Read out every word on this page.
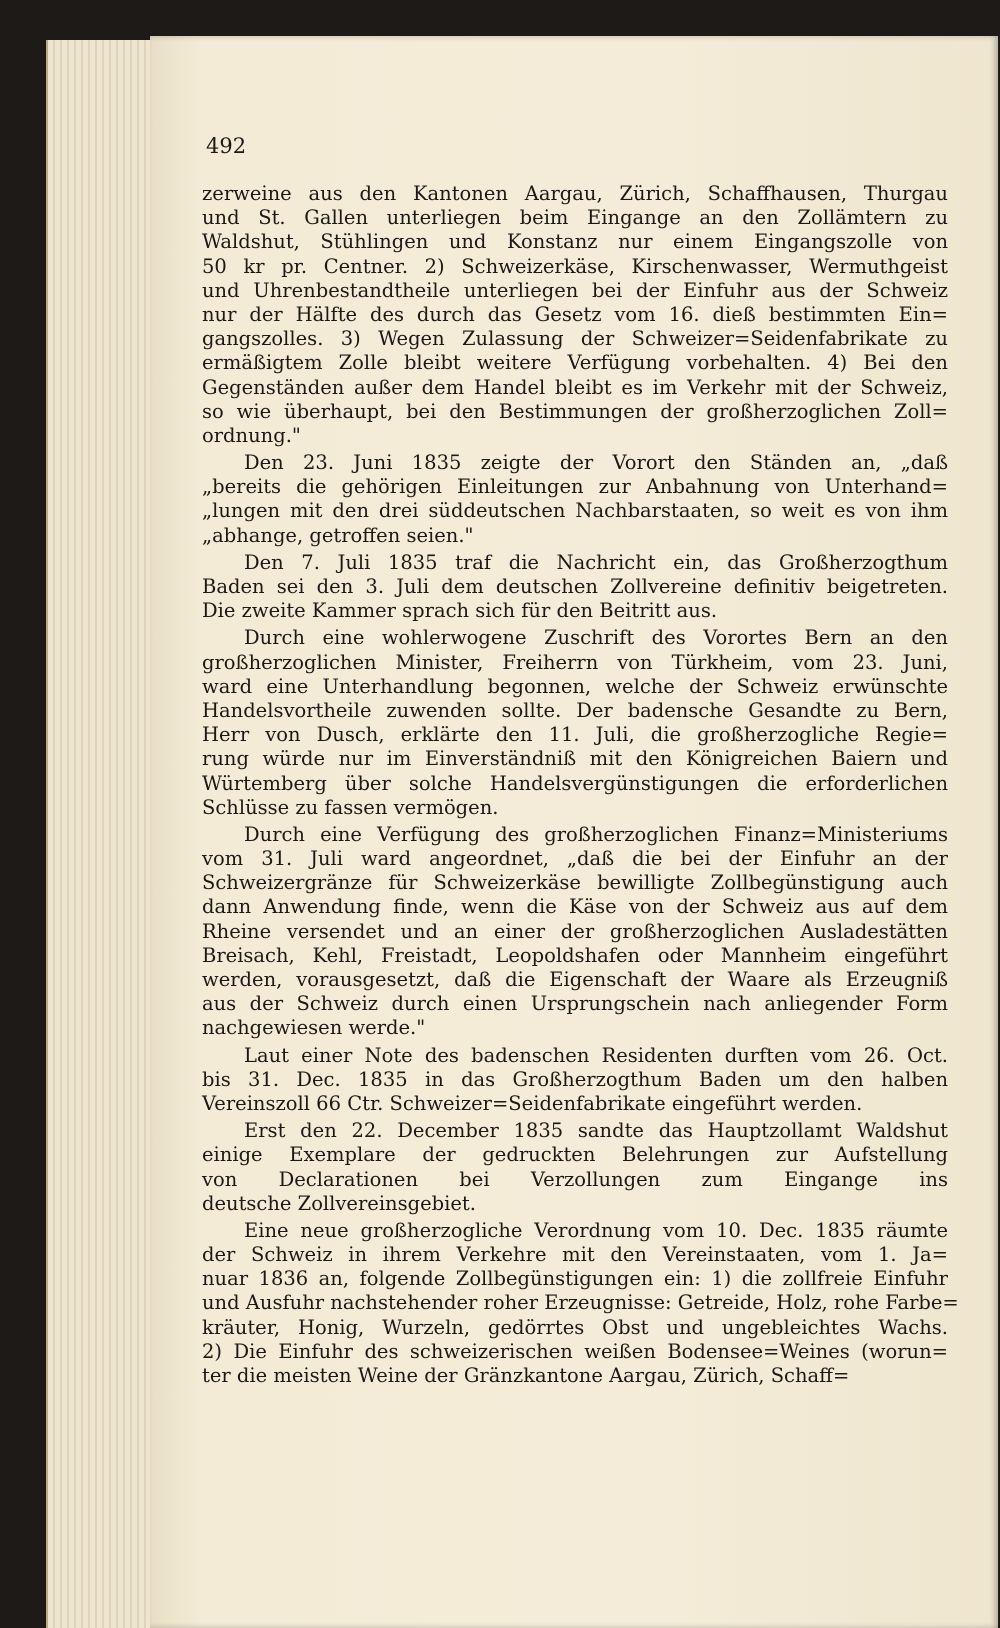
492
zerweine aus den Kantonen Aargau, Zürich, Schaffhausen, Thurgau
und St. Gallen unterliegen beim Eingange an den Zollämtern zu
Waldshut, Stühlingen und Konstanz nur einem Eingangszolle von
50 kr pr. Centner. 2) Schweizerkäse, Kirschenwasser, Wermuthgeist
und Uhrenbestandtheile unterliegen bei der Einfuhr aus der Schweiz
nur der Hälfte des durch das Gesetz vom 16. dieß bestimmten Ein=
gangszolles. 3) Wegen Zulassung der Schweizer=Seidenfabrikate zu
ermäßigtem Zolle bleibt weitere Verfügung vorbehalten. 4) Bei den
Gegenständen außer dem Handel bleibt es im Verkehr mit der Schweiz,
so wie überhaupt, bei den Bestimmungen der großherzoglichen Zoll=
ordnung."
Den 23. Juni 1835 zeigte der Vorort den Ständen an, „daß
„bereits die gehörigen Einleitungen zur Anbahnung von Unterhand=
„lungen mit den drei süddeutschen Nachbarstaaten, so weit es von ihm
„abhange, getroffen seien."
Den 7. Juli 1835 traf die Nachricht ein, das Großherzogthum
Baden sei den 3. Juli dem deutschen Zollvereine definitiv beigetreten.
Die zweite Kammer sprach sich für den Beitritt aus.
Durch eine wohlerwogene Zuschrift des Vorortes Bern an den
großherzoglichen Minister, Freiherrn von Türkheim, vom 23. Juni,
ward eine Unterhandlung begonnen, welche der Schweiz erwünschte
Handelsvortheile zuwenden sollte. Der badensche Gesandte zu Bern,
Herr von Dusch, erklärte den 11. Juli, die großherzogliche Regie=
rung würde nur im Einverständniß mit den Königreichen Baiern und
Würtemberg über solche Handelsvergünstigungen die erforderlichen
Schlüsse zu fassen vermögen.
Durch eine Verfügung des großherzoglichen Finanz=Ministeriums
vom 31. Juli ward angeordnet, „daß die bei der Einfuhr an der
Schweizergränze für Schweizerkäse bewilligte Zollbegünstigung auch
dann Anwendung finde, wenn die Käse von der Schweiz aus auf dem
Rheine versendet und an einer der großherzoglichen Ausladestätten
Breisach, Kehl, Freistadt, Leopoldshafen oder Mannheim eingeführt
werden, vorausgesetzt, daß die Eigenschaft der Waare als Erzeugniß
aus der Schweiz durch einen Ursprungschein nach anliegender Form
nachgewiesen werde."
Laut einer Note des badenschen Residenten durften vom 26. Oct.
bis 31. Dec. 1835 in das Großherzogthum Baden um den halben
Vereinszoll 66 Ctr. Schweizer=Seidenfabrikate eingeführt werden.
Erst den 22. December 1835 sandte das Hauptzollamt Waldshut
einige Exemplare der gedruckten Belehrungen zur Aufstellung
von Declarationen bei Verzollungen zum Eingange ins
deutsche Zollvereinsgebiet.
Eine neue großherzogliche Verordnung vom 10. Dec. 1835 räumte
der Schweiz in ihrem Verkehre mit den Vereinstaaten, vom 1. Ja=
nuar 1836 an, folgende Zollbegünstigungen ein: 1) die zollfreie Einfuhr
und Ausfuhr nachstehender roher Erzeugnisse: Getreide, Holz, rohe Farbe=
kräuter, Honig, Wurzeln, gedörrtes Obst und ungebleichtes Wachs.
2) Die Einfuhr des schweizerischen weißen Bodensee=Weines (worun=
ter die meisten Weine der Gränzkantone Aargau, Zürich, Schaff=
